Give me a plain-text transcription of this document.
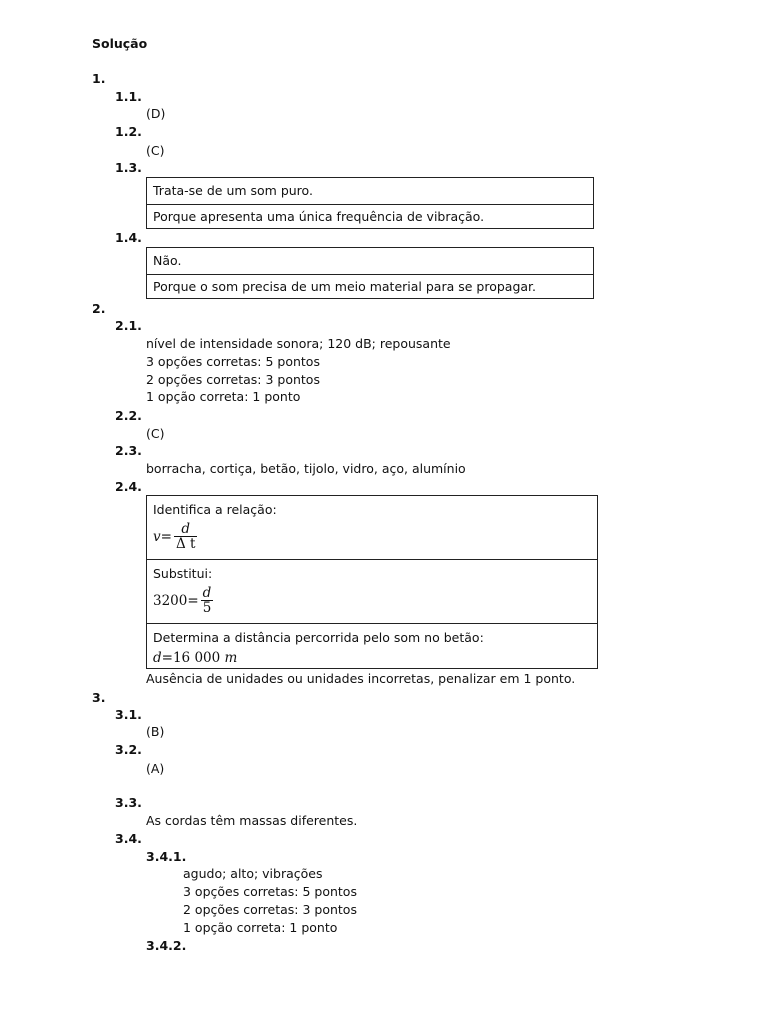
Solução
1.
1.1.
(D)
1.2.
(C)
1.3.
Trata-se de um som puro.
Porque apresenta uma única frequência de vibração.
1.4.
Não.
Porque o som precisa de um meio material para se propagar.
2.
2.1.
nível de intensidade sonora; 120 dB; repousante
3 opções corretas: 5 pontos
2 opções corretas: 3 pontos
1 opção correta: 1 ponto
2.2.
(C)
2.3.
borracha, cortiça, betão, tijolo, vidro, aço, alumínio
2.4.
Identifica a relação:
$v = \frac{d}{\text{Δ t}}$
Substitui:
$3200 = \frac{d}{5}$
Determina a distância percorrida pelo som no betão:
d = 16 000
m
Ausência de unidades ou unidades incorretas, penalizar em 1 ponto.
3.
3.1.
(B)
3.2.
(A)
3.3.
As cordas têm massas diferentes.
3.4.
3.4.1.
agudo; alto; vibrações
3 opções corretas: 5 pontos
2 opções corretas: 3 pontos
1 opção correta: 1 ponto
3.4.2.
